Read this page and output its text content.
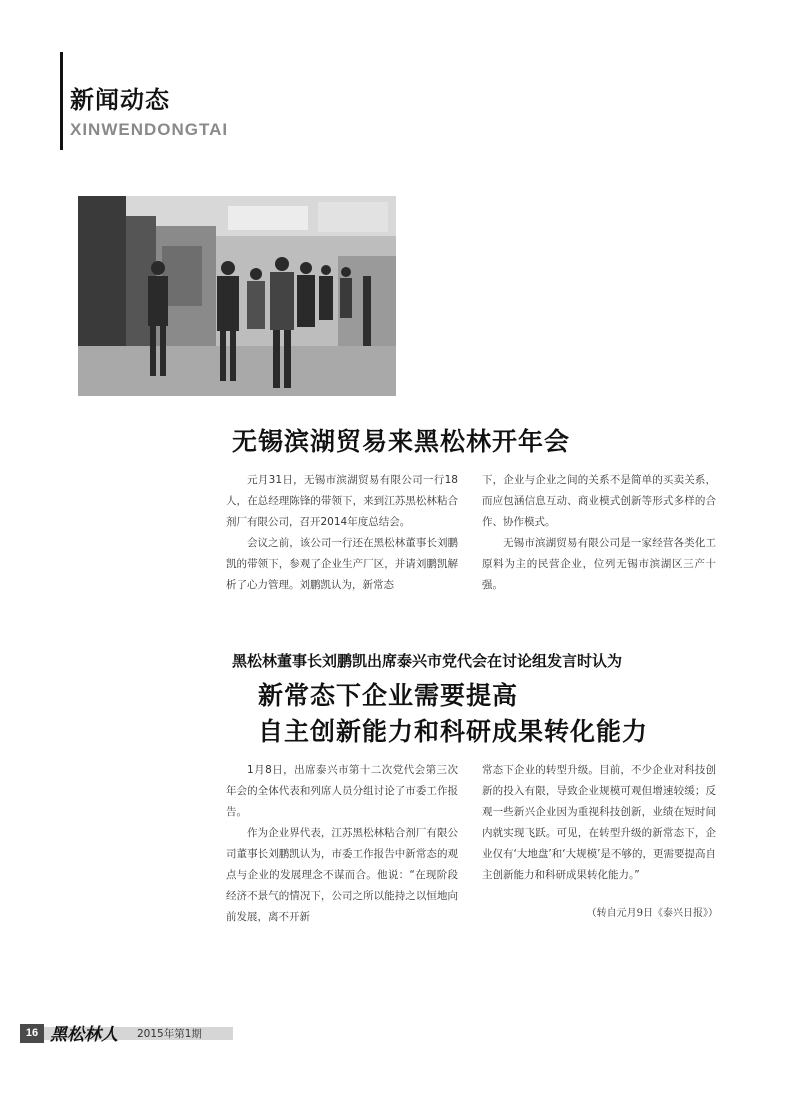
新闻动态
XINWENDONGTAI
无锡滨湖贸易来黑松林开年会

元月31日，无锡市滨湖贸易有限公司一行18人，在总经理陈锋的带领下，来到江苏黑松林粘合剂厂有限公司，召开2014年度总结会。

会议之前，该公司一行还在黑松林董事长刘鹏凯的带领下，参观了企业生产厂区，并请刘鹏凯解析了心力管理。刘鹏凯认为，新常态

下，企业与企业之间的关系不是简单的买卖关系，而应包涵信息互动、商业模式创新等形式多样的合作、协作模式。

无锡市滨湖贸易有限公司是一家经营各类化工原料为主的民营企业，位列无锡市滨湖区三产十强。

黑松林董事长刘鹏凯出席泰兴市党代会在讨论组发言时认为
新常态下企业需要提高
自主创新能力和科研成果转化能力

1月8日，出席泰兴市第十二次党代会第三次年会的全体代表和列席人员分组讨论了市委工作报告。

作为企业界代表，江苏黑松林粘合剂厂有限公司董事长刘鹏凯认为，市委工作报告中新常态的观点与企业的发展理念不谋而合。他说：“在现阶段经济不景气的情况下，公司之所以能持之以恒地向前发展，离不开新

常态下企业的转型升级。目前，不少企业对科技创新的投入有限，导致企业规模可观但增速较缓；反观一些新兴企业因为重视科技创新，业绩在短时间内就实现飞跃。可见，在转型升级的新常态下，企业仅有‘大地盘’和‘大规模’是不够的，更需要提高自主创新能力和科研成果转化能力。”

（转自元月9日《泰兴日报》）
16 黑松林人 2015年第1期
